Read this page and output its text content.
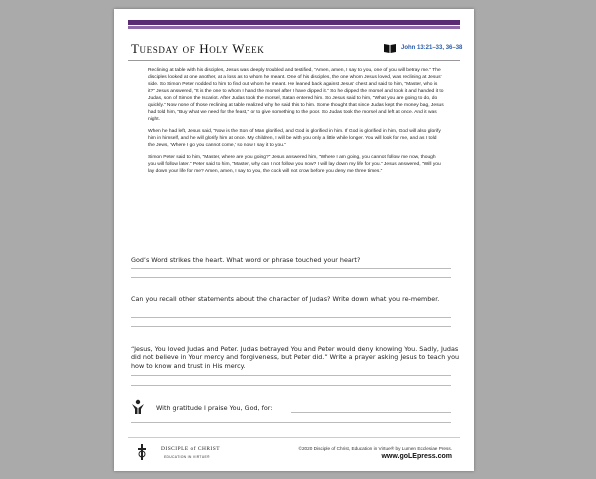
Tuesday of Holy Week	John 13:21–33, 36–38

Reclining at table with his disciples, Jesus was deeply troubled and testified, “Amen, amen, I say to you, one of you will betray me.” The disciples looked at one another, at a loss as to whom he meant. One of his disciples, the one whom Jesus loved, was reclining at Jesus’ side. So Simon Peter nodded to him to find out whom he meant. He leaned back against Jesus’ chest and said to him, “Master, who is it?” Jesus answered, “It is the one to whom I hand the morsel after I have dipped it.” So he dipped the morsel and took it and handed it to Judas, son of Simon the Iscariot. After Judas took the morsel, Satan entered him. So Jesus said to him, “What you are going to do, do quickly.” Now none of those reclining at table realized why he said this to him. Some thought that since Judas kept the money bag, Jesus had told him, “Buy what we need for the feast,” or to give something to the poor. So Judas took the morsel and left at once. And it was night.

When he had left, Jesus said, “Now is the Son of Man glorified, and God is glorified in him. If God is glorified in him, God will also glorify him in himself, and he will glorify him at once. My children, I will be with you only a little while longer. You will look for me, and as I told the Jews, ‘Where I go you cannot come,’ so now I say it to you.”

Simon Peter said to him, “Master, where are you going?” Jesus answered him, “Where I am going, you cannot follow me now, though you will follow later.” Peter said to him, “Master, why can I not follow you now? I will lay down my life for you.” Jesus answered, “Will you lay down your life for me? Amen, amen, I say to you, the cock will not crow before you deny me three times.”

God’s Word strikes the heart. What word or phrase touched your heart?
Can you recall other statements about the character of Judas? Write down what you re-member.
“Jesus, You loved Judas and Peter. Judas betrayed You and Peter would deny knowing You. Sadly, Judas did not believe in Your mercy and forgiveness, but Peter did.” Write a prayer asking Jesus to teach you how to know and trust in His mercy.
With gratitude I praise You, God, for:
DISCIPLE of CHRIST
EDUCATION IN VIRTUE®
©2020 Disciple of Christ, Education in Virtue® by Lumen Ecclesiae Press.
www.goLEpress.com
